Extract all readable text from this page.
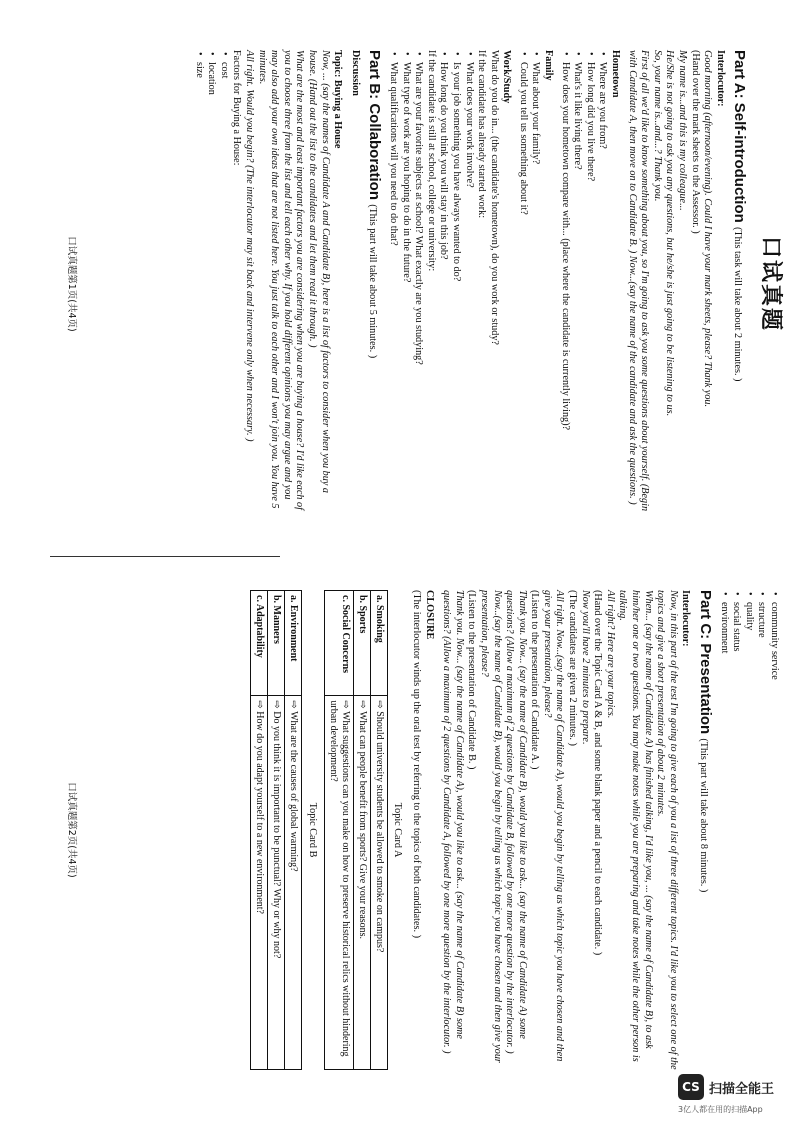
口试真题
Part A: Self-introduction (This task will take about 2 minutes. )
Interlocutor:

Good morning (afternoon/evening). Could I have your mark sheets, please? Thank you.

(Hand over the mark sheets to the Assessor. )

My name is...and this is my colleague...

He/She is not going to ask you any questions, but he/she is just going to be listening to us.

So, your name is...and...? Thank you.

First of all we'd like to know something about you, so I'm going to ask you some questions about yourself. (Begin with Candidate A, then move on to Candidate B. ) Now...(say the name of the candidate and ask the questions. )

Hometown
• Where are you from?
• How long did you live there?
• What's it like living there?
• How does your hometown compare with... (place where the candidate is currently living)?
Family
• What about your family?
• Could you tell us something about it?
Work/Study

What do you do in... (the candidate's hometown), do you work or study?

If the candidate has already started work:

• What does your work involve?
• Is your job something you have always wanted to do?
• How long do you think you will stay in this job?

If the candidate is still at school, college or university:

• What are your favorite subjects at school? What exactly are you studying?
• What type of work are you hoping to do in the future?
• What qualifications will you need to do that?
Part B: Collaboration (This part will take about 5 minutes. )
Discussion
Topic: Buying a House

Now, ... (say the names of Candidate A and Candidate B), here is a list of factors to consider when you buy a house. (Hand out the list to the candidates and let them read it through. )

What are the most and least important factors you are considering when you are buying a house? I'd like each of you to choose three from the list and tell each other why. If you hold different opinions you may argue and you may also add your own ideas that are not listed here. You just talk to each other and I won't join you. You have 5 minutes.

All right. Would you begin? (The interlocutor may sit back and intervene only when necessary. )

Factors for Buying a House:

• cost
• location
• size
口试真题第1页(共4页)
• community service
• structure
• quality
• social status
• environment
Part C: Presentation (This part will take about 8 minutes. )
Interlocutor:

Now, in this part of the test I'm going to give each of you a list of three different topics. I'd like you to select one of the topics and give a short presentation of about 2 minutes.

When... (say the name of Candidate A) has finished talking, I'd like you, ... (say the name of Candidate B), to ask him/her one or two questions. You may make notes while you are preparing and take notes while the other person is talking.

All right? Here are your topics.

(Hand over the Topic Card A & B, and some blank paper and a pencil to each candidate. )

Now you'll have 2 minutes to prepare.

(The candidates are given 2 minutes. )

All right. Now...(say the name of Candidate A), would you begin by telling us which topic you have chosen and then give your presentation, please?

(Listen to the presentation of Candidate A. )

Thank you. Now... (say the name of Candidate B), would you like to ask... (say the name of Candidate A) some questions? (Allow a maximum of 2 questions by Candidate B, followed by one more question by the interlocutor. )

Now...(say the name of Candidate B), would you begin by telling us which topic you have chosen and then give your presentation, please?

(Listen to the presentation of Candidate B. )

Thank you. Now... (say the name of Candidate A), would you like to ask... (say the name of Candidate B) some questions? (Allow a maximum of 2 questions by Candidate A, followed by one more question by the interlocutor. )

CLOSURE

(The interlocutor winds up the oral test by referring to the topics of both candidates. )

Topic Card A
a. Smoking	⇨ Should university students be allowed to smoke on campus?
b. Sports	⇨ What can people benefit from sports? Give your reasons.
c. Social Concerns	⇨ What suggestions can you make on how to preserve historical relics without hindering urban development?
Topic Card B
a. Environment	⇨ What are the causes of global warming?
b. Manners	⇨ Do you think it is important to be punctual? Why or why not?
c. Adaptability	⇨ How do you adapt yourself to a new environment?
口试真题第2页(共4页)
CS 扫描全能王
3亿人都在用的扫描App
